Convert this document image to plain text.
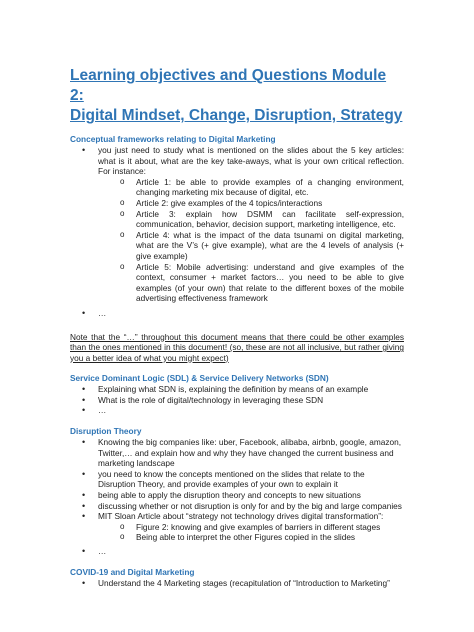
Learning objectives and Questions Module 2:
Digital Mindset, Change, Disruption, Strategy
Conceptual frameworks relating to Digital Marketing
• you just need to study what is mentioned on the slides about the 5 key articles: what is it about, what are the key take-aways, what is your own critical reflection. For instance:
o Article 1: be able to provide examples of a changing environment, changing marketing mix because of digital, etc.
o Article 2: give examples of the 4 topics/interactions
o Article 3: explain how DSMM can facilitate self-expression, communication, behavior, decision support, marketing intelligence, etc.
o Article 4: what is the impact of the data tsunami on digital marketing, what are the V’s (+ give example), what are the 4 levels of analysis (+ give example)
o Article 5: Mobile advertising: understand and give examples of the context, consumer + market factors… you need to be able to give examples (of your own) that relate to the different boxes of the mobile advertising effectiveness framework
• …

Note that the “…” throughout this document means that there could be other examples than the ones mentioned in this document! (so, these are not all inclusive, but rather giving you a better idea of what you might expect)

Service Dominant Logic (SDL) & Service Delivery Networks (SDN)
• Explaining what SDN is, explaining the definition by means of an example
• What is the role of digital/technology in leveraging these SDN
• …
Disruption Theory
• Knowing the big companies like: uber, Facebook, alibaba, airbnb, google, amazon, Twitter,… and explain how and why they have changed the current business and marketing landscape
• you need to know the concepts mentioned on the slides that relate to the Disruption Theory, and provide examples of your own to explain it
• being able to apply the disruption theory and concepts to new situations
• discussing whether or not disruption is only for and by the big and large companies
• MIT Sloan Article about “strategy not technology drives digital transformation”:
o Figure 2: knowing and give examples of barriers in different stages
o Being able to interpret the other Figures copied in the slides
• …
COVID-19 and Digital Marketing
• Understand the 4 Marketing stages (recapitulation of “Introduction to Marketing”
